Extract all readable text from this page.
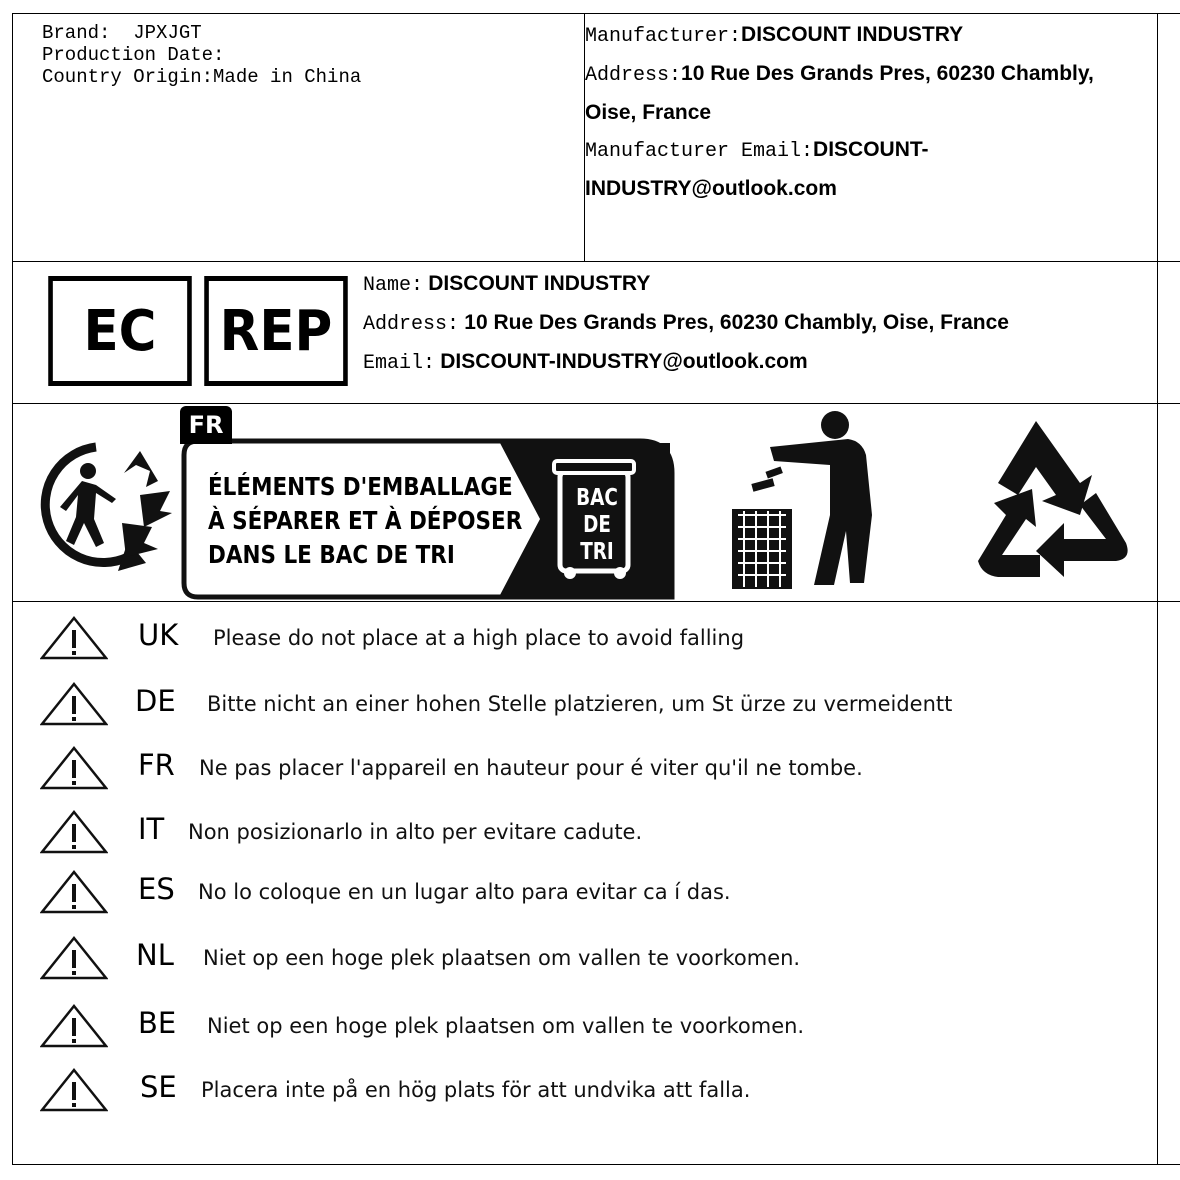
Brand: JPXJGT
Production Date:
Country Origin:Made in China
Manufacturer:DISCOUNT INDUSTRY
Address:10 Rue Des Grands Pres, 60230 Chambly,
Oise, France
Manufacturer Email:DISCOUNT-
INDUSTRY@outlook.com
EC	REP
Name: DISCOUNT INDUSTRY
Address: 10 Rue Des Grands Pres, 60230 Chambly, Oise, France
Email: DISCOUNT-INDUSTRY@outlook.com
FR
ÉLÉMENTS D'EMBALLAGE
À SÉPARER ET À DÉPOSER
DANS LE BAC DE TRI
BAC
DE
TRI
UK Please do not place at a high place to avoid falling
DE Bitte nicht an einer hohen Stelle platzieren, um St ürze zu vermeidentt
FR Ne pas placer l'appareil en hauteur pour é viter qu'il ne tombe.
IT Non posizionarlo in alto per evitare cadute.
ES No lo coloque en un lugar alto para evitar ca í das.
NL Niet op een hoge plek plaatsen om vallen te voorkomen.
BE Niet op een hoge plek plaatsen om vallen te voorkomen.
SE Placera inte på en hög plats för att undvika att falla.
